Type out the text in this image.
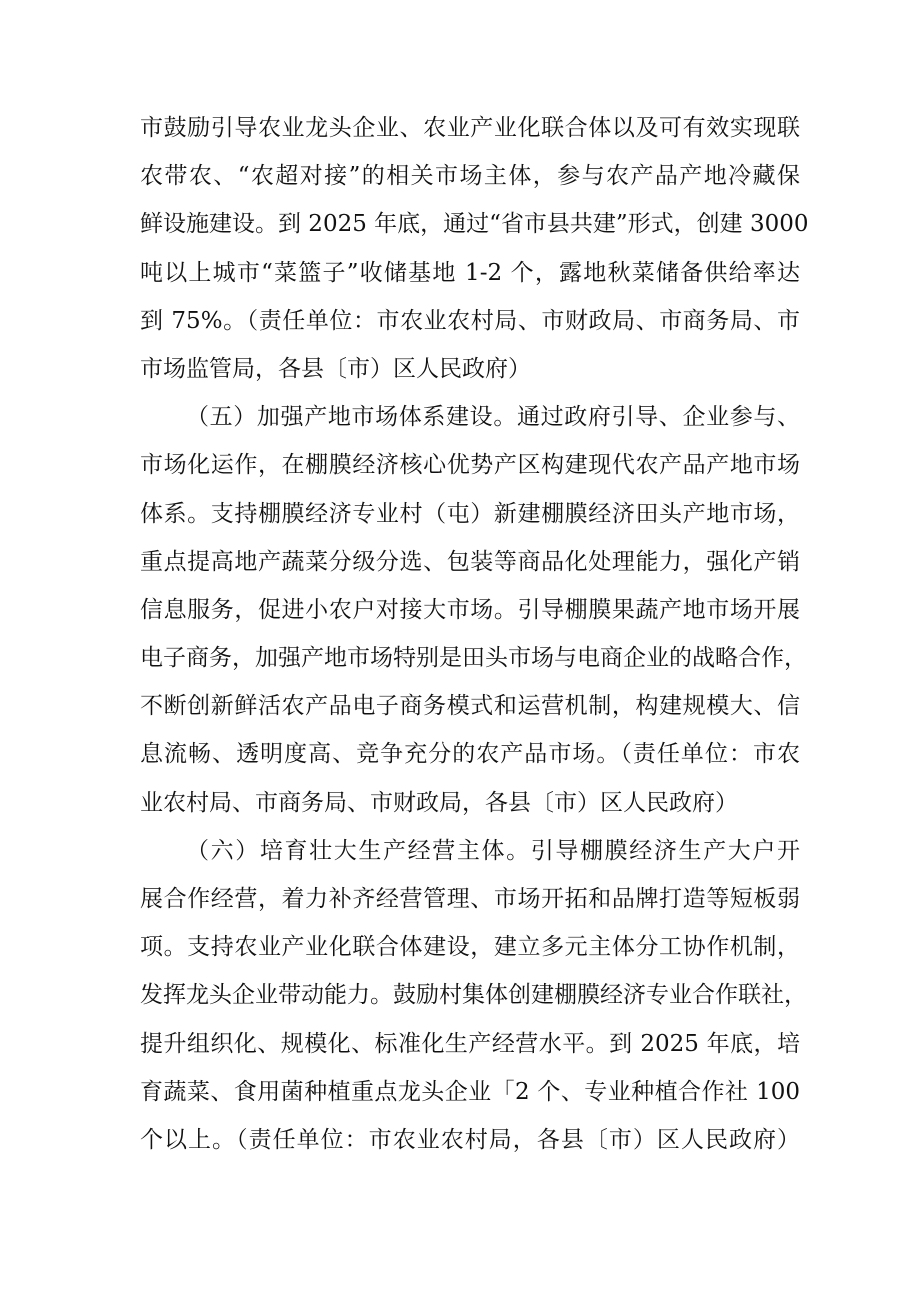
市鼓励引导农业龙头企业、农业产业化联合体以及可有效实现联
农带农、“农超对接”的相关市场主体，参与农产品产地冷藏保
鲜设施建设。到 2025 年底，通过“省市县共建”形式，创建 3000
吨以上城市“菜篮子”收储基地 1-2 个，露地秋菜储备供给率达
到 75%。（责任单位：市农业农村局、市财政局、市商务局、市
市场监管局，各县〔市）区人民政府）
（五）加强产地市场体系建设。通过政府引导、企业参与、
市场化运作，在棚膜经济核心优势产区构建现代农产品产地市场
体系。支持棚膜经济专业村（屯）新建棚膜经济田头产地市场，
重点提高地产蔬菜分级分选、包装等商品化处理能力，强化产销
信息服务，促进小农户对接大市场。引导棚膜果蔬产地市场开展
电子商务，加强产地市场特别是田头市场与电商企业的战略合作，
不断创新鲜活农产品电子商务模式和运营机制，构建规模大、信
息流畅、透明度高、竞争充分的农产品市场。（责任单位：市农
业农村局、市商务局、市财政局，各县〔市）区人民政府）
（六）培育壮大生产经营主体。引导棚膜经济生产大户开
展合作经营，着力补齐经营管理、市场开拓和品牌打造等短板弱
项。支持农业产业化联合体建设，建立多元主体分工协作机制，
发挥龙头企业带动能力。鼓励村集体创建棚膜经济专业合作联社，
提升组织化、规模化、标准化生产经营水平。到 2025 年底，培
育蔬菜、食用菌种植重点龙头企业「2 个、专业种植合作社 100
个以上。（责任单位：市农业农村局，各县〔市）区人民政府）
